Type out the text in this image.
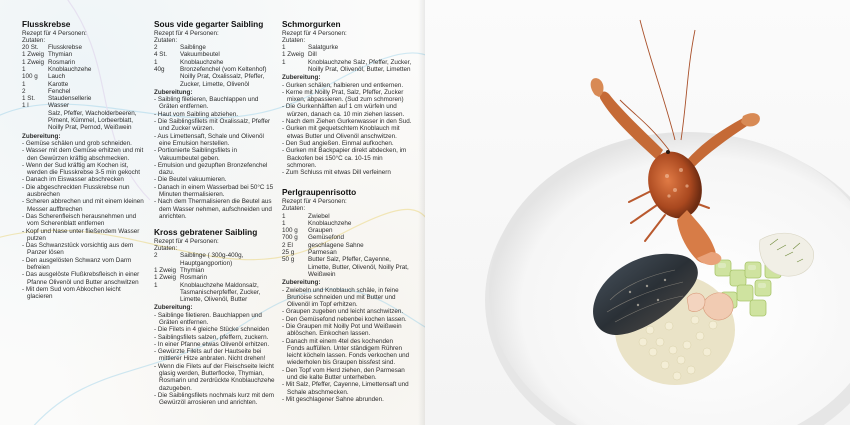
Flusskrebse
Rezept für 4 Personen:
Zutaten:
20 St.	Flusskrebse
1 Zweig Thymian
1 Zweig Rosmarin
1	Knoblauchzehe
100 g	Lauch
1	Karotte
2	Fenchel
1 St.	Staudensellerie
1 l	Wasser
Salz, Pfeffer, Wacholderbeeren, Piment, Kümmel, Lorbeerblatt, Noilly Prat, Pernod, Weißwein
Zubereitung:
- Gemüse schälen und grob schneiden.
- Wasser mit dem Gemüse erhitzen und mit den Gewürzen kräftig abschmecken.
- Wenn der Sud kräftig am Kochen ist, werden die Flusskrebse 3-5 min gekocht
- Danach im Eiswasser abschrecken
- Die abgeschreckten Flusskrebse nun ausbrechen
- Scheren abbrechen und mit einem kleinen Messer auffbrechen
- Das Scherenfleisch herausnehmen und vom Scherenblatt entfernen
- Kopf und Nase unter fließendem Wasser putzen
- Das Schwanzstück vorsichtig aus dem Panzer lösen
- Den ausgelösten Schwanz vom Darm befreien
- Das ausgelöste Flußkrebsfleisch in einer Pfanne Olivenöl und Butter anschwitzen
- Mit dem Sud vom Abkochen leicht glacieren
Sous vide gegarter Saibling
Rezept für 4 Personen:
Zutaten:
2	Saiblinge
4 St.	Vakuumbeutel
1	Knoblauchzehe
40g	Bronzefenchel (vom Keltenhof) Noilly Prat, Oxalissalz, Pfeffer, Zucker, Limette, Olivenöl
Zubereitung:
- Saibling filetieren, Bauchlappen und Gräten entfernen.
- Haut vom Saibling abziehen.
- Die Saiblingsfilets mit Oxalissalz, Pfeffer und Zucker würzen.
- Aus Limettensaft, Schale und Olivenöl eine Emulsion herstellen.
- Portionierte Saiblingsfilets in Vakuumbeutel geben.
- Emulsion und gezupften Bronzefenchel dazu.
- Die Beutel vakuumieren.
- Danach in einem Wasserbad bei 50°C 15 Minuten thermalisieren.
- Nach dem Thermalisieren die Beutel aus dem Wasser nehmen, aufschneiden und anrichten.
Kross gebratener Saibling
Rezept für 4 Personen:
Zutaten:
2	Saiblinge ( 300g-400g, Hauptgangportion)
1 Zweig Thymian
1 Zweig Rosmarin
1	Knoblauchzehe Maldonsalz, Tasmanischerpfeffer, Zucker, Limette, Olivenöl, Butter
Zubereitung:
- Saiblinge filetieren. Bauchlappen und Gräten entfernen.
- Die Filets in 4 gleiche Stücke schneiden
- Saiblingsfilets salzen, pfeffern, zuckern.
- In einer Pfanne etwas Olivenöl erhitzen.
- Gewürzte Filets auf der Hautseite bei mittlerer Hitze anbraten. Nicht drehen!
- Wenn die Filets auf der Fleischseite leicht glasig werden, Butterflocke, Thymian, Rosmarin und zerdrückte Knoblauchzehe dazugeben.
- Die Saiblingsfilets nochmals kurz mit dem Gewürzöl arrosieren und anrichten.
Schmorgurken
Rezept für 4 Personen:
Zutaten:
1	Salatgurke
1 Zweig Dill
1	Knoblauchzehe Salz, Pfeffer, Zucker, Noilly Prat, Olivenöl, Butter, Limetten
Zubereitung:
- Gurken schälen, halbieren und entkernen.
- Kerne mit Noilly Prat, Salz, Pfeffer, Zucker mixen, abpassieren. (Sud zum schmoren)
- Die Gurkenhälften auf 1 cm würfeln und würzen, danach ca. 10 min ziehen lassen.
- Nach dem Ziehen Gurkenwasser in den Sud.
- Gurken mit gequetschtem Knoblauch mit etwas Butter und Olivenöl anschwitzen.
- Den Sud angießen. Einmal aufkochen.
- Gurken mit Backpapier direkt abdecken, im Backofen bei 150°C ca. 10-15 min schmoren.
- Zum Schluss mit etwas Dill verfeinern
Perlgraupenrisotto
Rezept für 4 Personen:
Zutaten:
1	Zwiebel
1	Knoblauchzehe
100 g	Graupen
700 g	Gemüsefond
2 El	geschlagene Sahne
25 g	Parmesan
50 g	Butter Salz, Pfeffer, Cayenne, Limette, Butter, Olivenöl, Noilly Prat, Weißwein
Zubereitung:
- Zwiebeln und Knoblauch schäle, in feine Brunoise schneiden und mit Butter und Olivenöl im Topf erhitzen.
- Graupen zugeben und leicht anschwitzen.
- Den Gemüsefond nebenbei kochen lassen.
- Die Graupen mit Noilly Pot und Weißwein ablöschen. Einkochen lassen.
- Danach mit einem 4tel des kochenden Fonds auffüllen. Unter ständigem Rühren leicht köcheln lassen. Fonds verkochen und wiederholen bis Graupen bissfest sind.
- Den Topf vom Herd ziehen, den Parmesan und die kalte Butter unterheben.
- Mit Salz, Pfeffer, Cayenne, Limettensaft und Schale abschmecken.
- Mit geschlagener Sahne abrunden.
